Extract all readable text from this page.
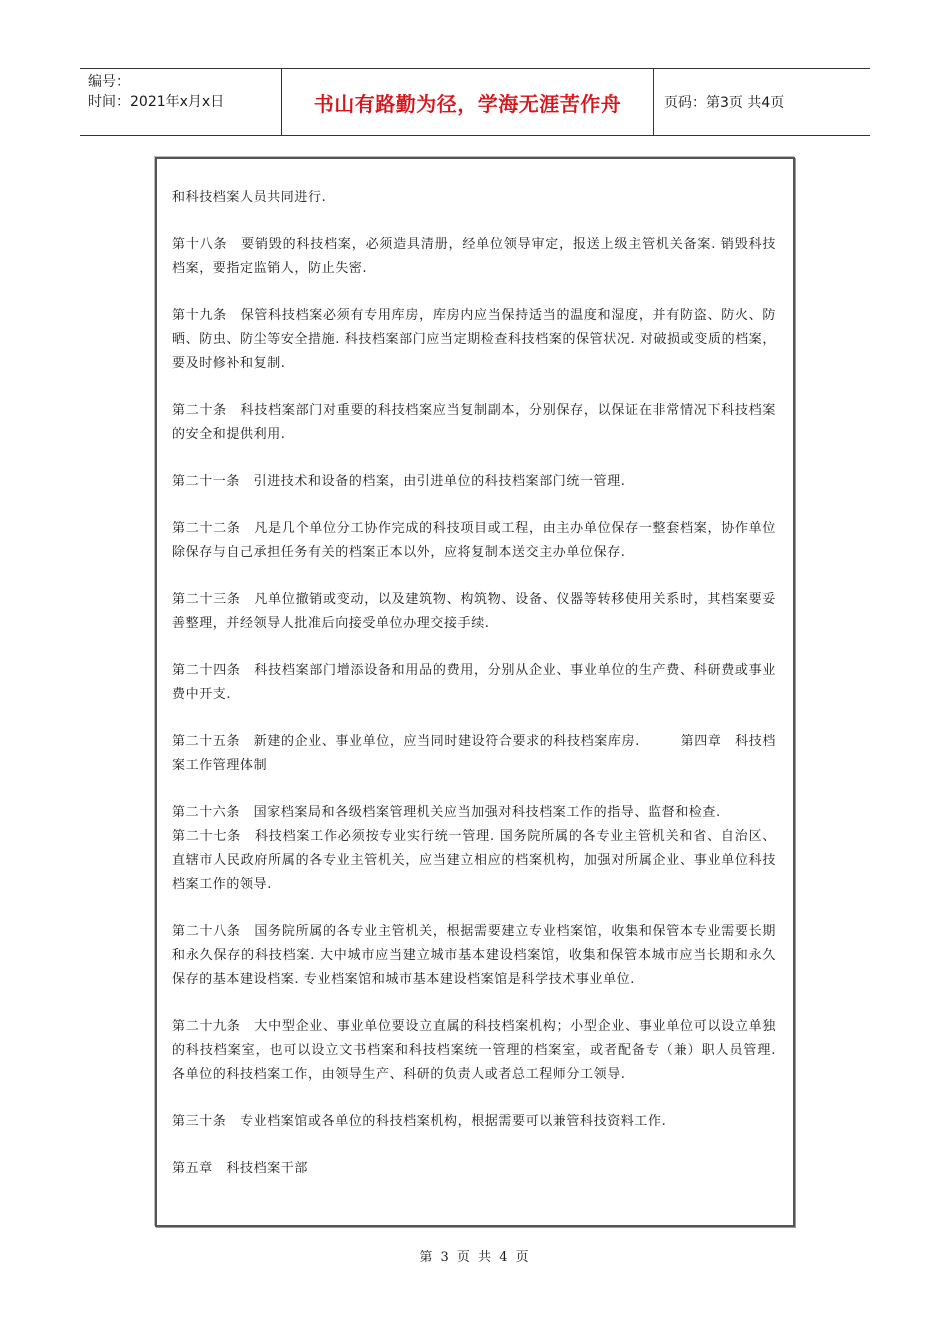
编号：
时间：2021年x月x日	书山有路勤为径，学海无涯苦作舟	页码：第3页 共4页

和科技档案人员共同进行.

第十八条　要销毁的科技档案，必须造具清册，经单位领导审定，报送上级主管机关备案. 销毁科技档案，要指定监销人，防止失密.

第十九条　保管科技档案必须有专用库房，库房内应当保持适当的温度和湿度，并有防盗、防火、防晒、防虫、防尘等安全措施. 科技档案部门应当定期检查科技档案的保管状况. 对破损或变质的档案，要及时修补和复制.

第二十条　科技档案部门对重要的科技档案应当复制副本，分别保存，以保证在非常情况下科技档案的安全和提供利用.

第二十一条　引进技术和设备的档案，由引进单位的科技档案部门统一管理.

第二十二条　凡是几个单位分工协作完成的科技项目或工程，由主办单位保存一整套档案，协作单位除保存与自己承担任务有关的档案正本以外，应将复制本送交主办单位保存.

第二十三条　凡单位撤销或变动，以及建筑物、构筑物、设备、仪器等转移使用关系时，其档案要妥善整理，并经领导人批准后向接受单位办理交接手续.

第二十四条　科技档案部门增添设备和用品的费用，分别从企业、事业单位的生产费、科研费或事业费中开支.

第二十五条　新建的企业、事业单位，应当同时建设符合要求的科技档案库房.　　　第四章　科技档案工作管理体制

第二十六条　国家档案局和各级档案管理机关应当加强对科技档案工作的指导、监督和检查.

第二十七条　科技档案工作必须按专业实行统一管理. 国务院所属的各专业主管机关和省、自治区、直辖市人民政府所属的各专业主管机关，应当建立相应的档案机构，加强对所属企业、事业单位科技档案工作的领导.

第二十八条　国务院所属的各专业主管机关，根据需要建立专业档案馆，收集和保管本专业需要长期和永久保存的科技档案. 大中城市应当建立城市基本建设档案馆，收集和保管本城市应当长期和永久保存的基本建设档案. 专业档案馆和城市基本建设档案馆是科学技术事业单位.

第二十九条　大中型企业、事业单位要设立直属的科技档案机构；小型企业、事业单位可以设立单独的科技档案室，也可以设立文书档案和科技档案统一管理的档案室，或者配备专（兼）职人员管理.　　　各单位的科技档案工作，由领导生产、科研的负责人或者总工程师分工领导.

第三十条　专业档案馆或各单位的科技档案机构，根据需要可以兼管科技资料工作.

第五章　科技档案干部

第 3 页 共 4 页
